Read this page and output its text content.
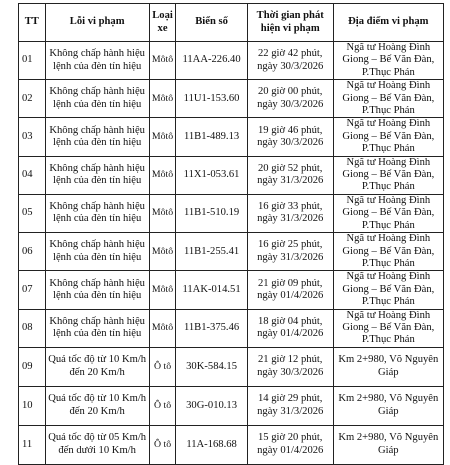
TT	Lỗi vi phạm	Loại xe	Biển số	Thời gian phát hiện vi phạm	Địa điểm vi phạm
01	Không chấp hành hiệu lệnh của đèn tín hiệu	Môtô	11AA-226.40	22 giờ 42 phút, ngày 30/3/2026	Ngã tư Hoàng Đình Giong – Bế Văn Đàn, P.Thục Phán
02	Không chấp hành hiệu lệnh của đèn tín hiệu	Môtô	11U1-153.60	20 giờ 00 phút, ngày 30/3/2026	Ngã tư Hoàng Đình Giong – Bế Văn Đàn, P.Thục Phán
03	Không chấp hành hiệu lệnh của đèn tín hiệu	Môtô	11B1-489.13	19 giờ 46 phút, ngày 30/3/2026	Ngã tư Hoàng Đình Giong – Bế Văn Đàn, P.Thục Phán
04	Không chấp hành hiệu lệnh của đèn tín hiệu	Môtô	11X1-053.61	20 giờ 52 phút, ngày 31/3/2026	Ngã tư Hoàng Đình Giong – Bế Văn Đàn, P.Thục Phán
05	Không chấp hành hiệu lệnh của đèn tín hiệu	Môtô	11B1-510.19	16 giờ 33 phút, ngày 31/3/2026	Ngã tư Hoàng Đình Giong – Bế Văn Đàn, P.Thục Phán
06	Không chấp hành hiệu lệnh của đèn tín hiệu	Môtô	11B1-255.41	16 giờ 25 phút, ngày 31/3/2026	Ngã tư Hoàng Đình Giong – Bế Văn Đàn, P.Thục Phán
07	Không chấp hành hiệu lệnh của đèn tín hiệu	Môtô	11AK-014.51	21 giờ 09 phút, ngày 01/4/2026	Ngã tư Hoàng Đình Giong – Bế Văn Đàn, P.Thục Phán
08	Không chấp hành hiệu lệnh của đèn tín hiệu	Môtô	11B1-375.46	18 giờ 04 phút, ngày 01/4/2026	Ngã tư Hoàng Đình Giong – Bế Văn Đàn, P.Thục Phán
09	Quá tốc độ từ 10 Km/h đến 20 Km/h	Ô tô	30K-584.15	21 giờ 12 phút, ngày 30/3/2026	Km 2+980, Võ Nguyên Giáp
10	Quá tốc độ từ 10 Km/h đến 20 Km/h	Ô tô	30G-010.13	14 giờ 29 phút, ngày 31/3/2026	Km 2+980, Võ Nguyên Giáp
11	Quá tốc độ từ 05 Km/h đến dưới 10 Km/h	Ô tô	11A-168.68	15 giờ 20 phút, ngày 01/4/2026	Km 2+980, Võ Nguyên Giáp
